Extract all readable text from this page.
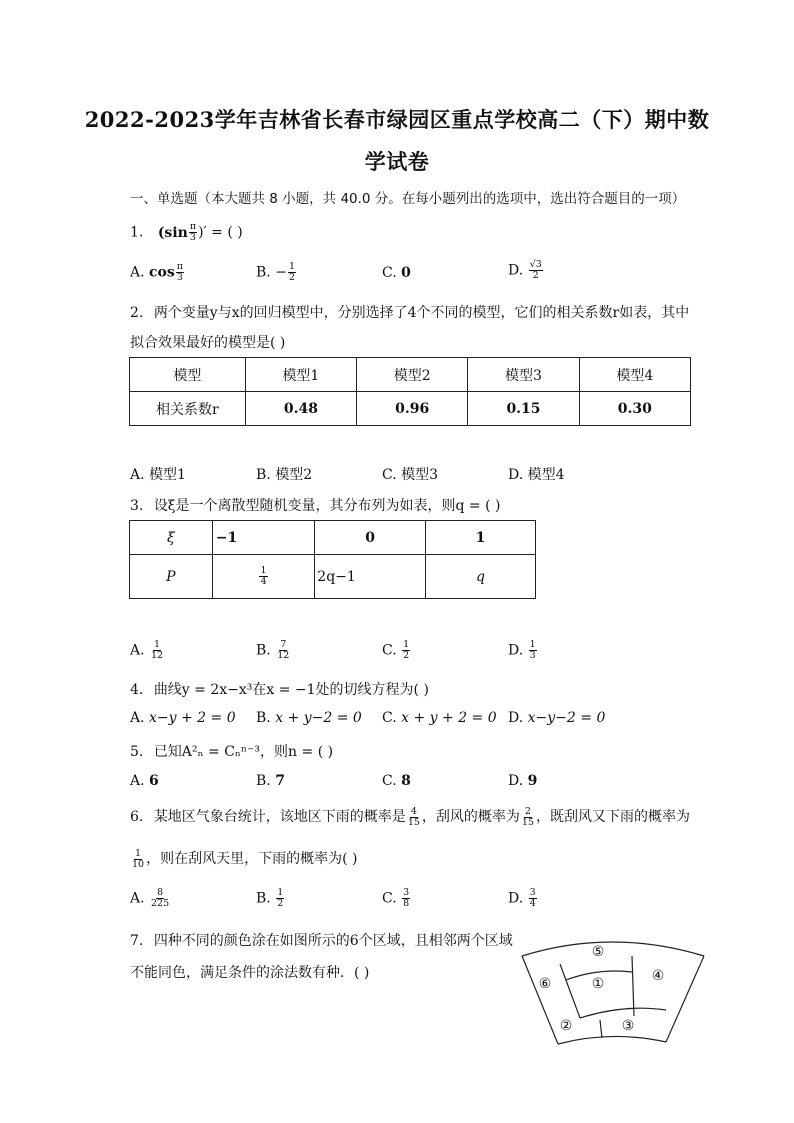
2022-2023学年吉林省长春市绿园区重点学校高二（下）期中数
学试卷
一、单选题（本大题共 8 小题，共 40.0 分。在每小题列出的选项中，选出符合题目的一项）
1. ($\sin \frac{\pi}{3}$ )′ = ( )
A. $\cos \frac{\pi}{3}$	B. − $\frac{1}{2}$	C. 0	D. $\frac{√3}{2}$
2. 两个变量y与x的回归模型中，分别选择了4个不同的模型，它们的相关系数r如表，其中
拟合效果最好的模型是( )
模型	模型1	模型2	模型3	模型4
相关系数r	0.48	0.96	0.15	0.30
A. 模型1	B. 模型2	C. 模型3	D. 模型4
3. 设ξ是一个离散型随机变量，其分布列为如表，则q = ( )
ξ	−1	0	1
P	$\frac{1}{4}$	2q−1	q
A. $\frac{1}{12}$	B. $\frac{7}{12}$	C. $\frac{1}{2}$	D. $\frac{1}{3}$
4. 曲线y = 2x−x³在x = −1处的切线方程为( )
A. x−y + 2 = 0 B. x + y−2 = 0 C. x + y + 2 = 0 D. x−y−2 = 0
5. 已知A²ₙ = Cₙⁿ⁻³，则n = ( )
A. 6	B. 7	C. 8	D. 9
6. 某地区气象台统计，该地区下雨的概率是 $\frac{4}{15}$ ，刮风的概率为 $\frac{2}{15}$ ，既刮风又下雨的概率为
$\frac{1}{10}$ ，则在刮风天里，下雨的概率为( )
A. $\frac{8}{225}$	B. $\frac{1}{2}$	C. $\frac{3}{8}$	D. $\frac{3}{4}$
7. 四种不同的颜色涂在如图所示的6个区域，且相邻两个区域
不能同色，满足条件的涂法数有种．( )
⑤
①	④
⑥
②	③
